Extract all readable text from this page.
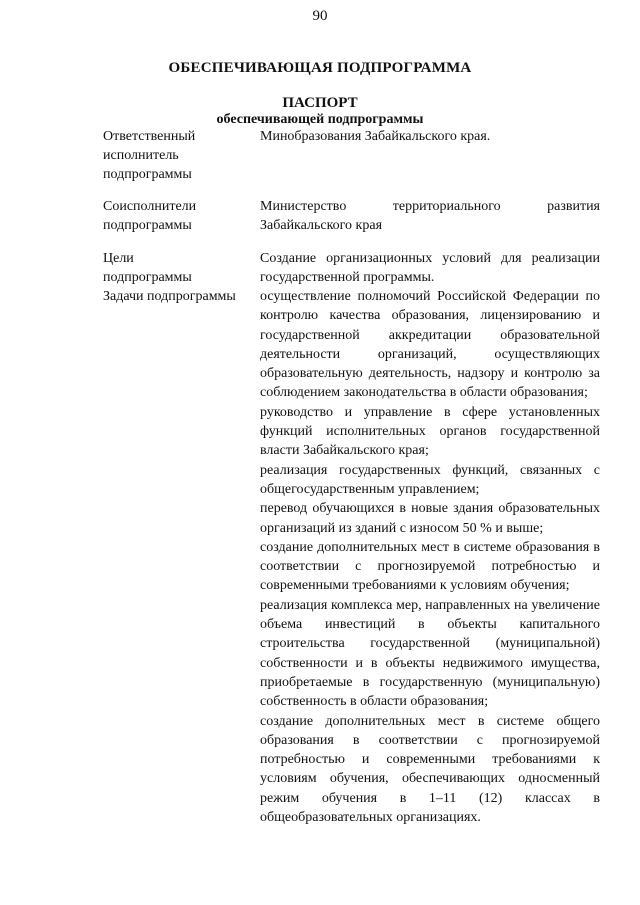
90
ОБЕСПЕЧИВАЮЩАЯ ПОДПРОГРАММА
ПАСПОРТ
обеспечивающей подпрограммы
Ответственный
исполнитель
подпрограммы
Минобразования Забайкальского края.
Соисполнители
подпрограммы
Министерство территориального развития Забайкальского края
Цели
подпрограммы
Создание организационных условий для реализации государственной программы.
Задачи подпрограммы	осуществление полномочий Российской Федерации по контролю качества образования, лицензированию и государственной аккредитации образовательной деятельности организаций, осуществляющих образовательную деятельность, надзору и контролю за соблюдением законодательства в области образования;
руководство и управление в сфере установленных функций исполнительных органов государственной власти Забайкальского края;
реализация государственных функций, связанных с общегосударственным управлением;
перевод обучающихся в новые здания образовательных организаций из зданий с износом 50 % и выше;
создание дополнительных мест в системе образования в соответствии с прогнозируемой потребностью и современными требованиями к условиям обучения;
реализация комплекса мер, направленных на увеличение объема инвестиций в объекты капитального строительства государственной (муниципальной) собственности и в объекты недвижимого имущества, приобретаемые в государственную (муниципальную) собственность в области образования;
создание дополнительных мест в системе общего образования в соответствии с прогнозируемой потребностью и современными требованиями к условиям обучения, обеспечивающих односменный режим обучения в 1–11 (12) классах в общеобразовательных организациях.
